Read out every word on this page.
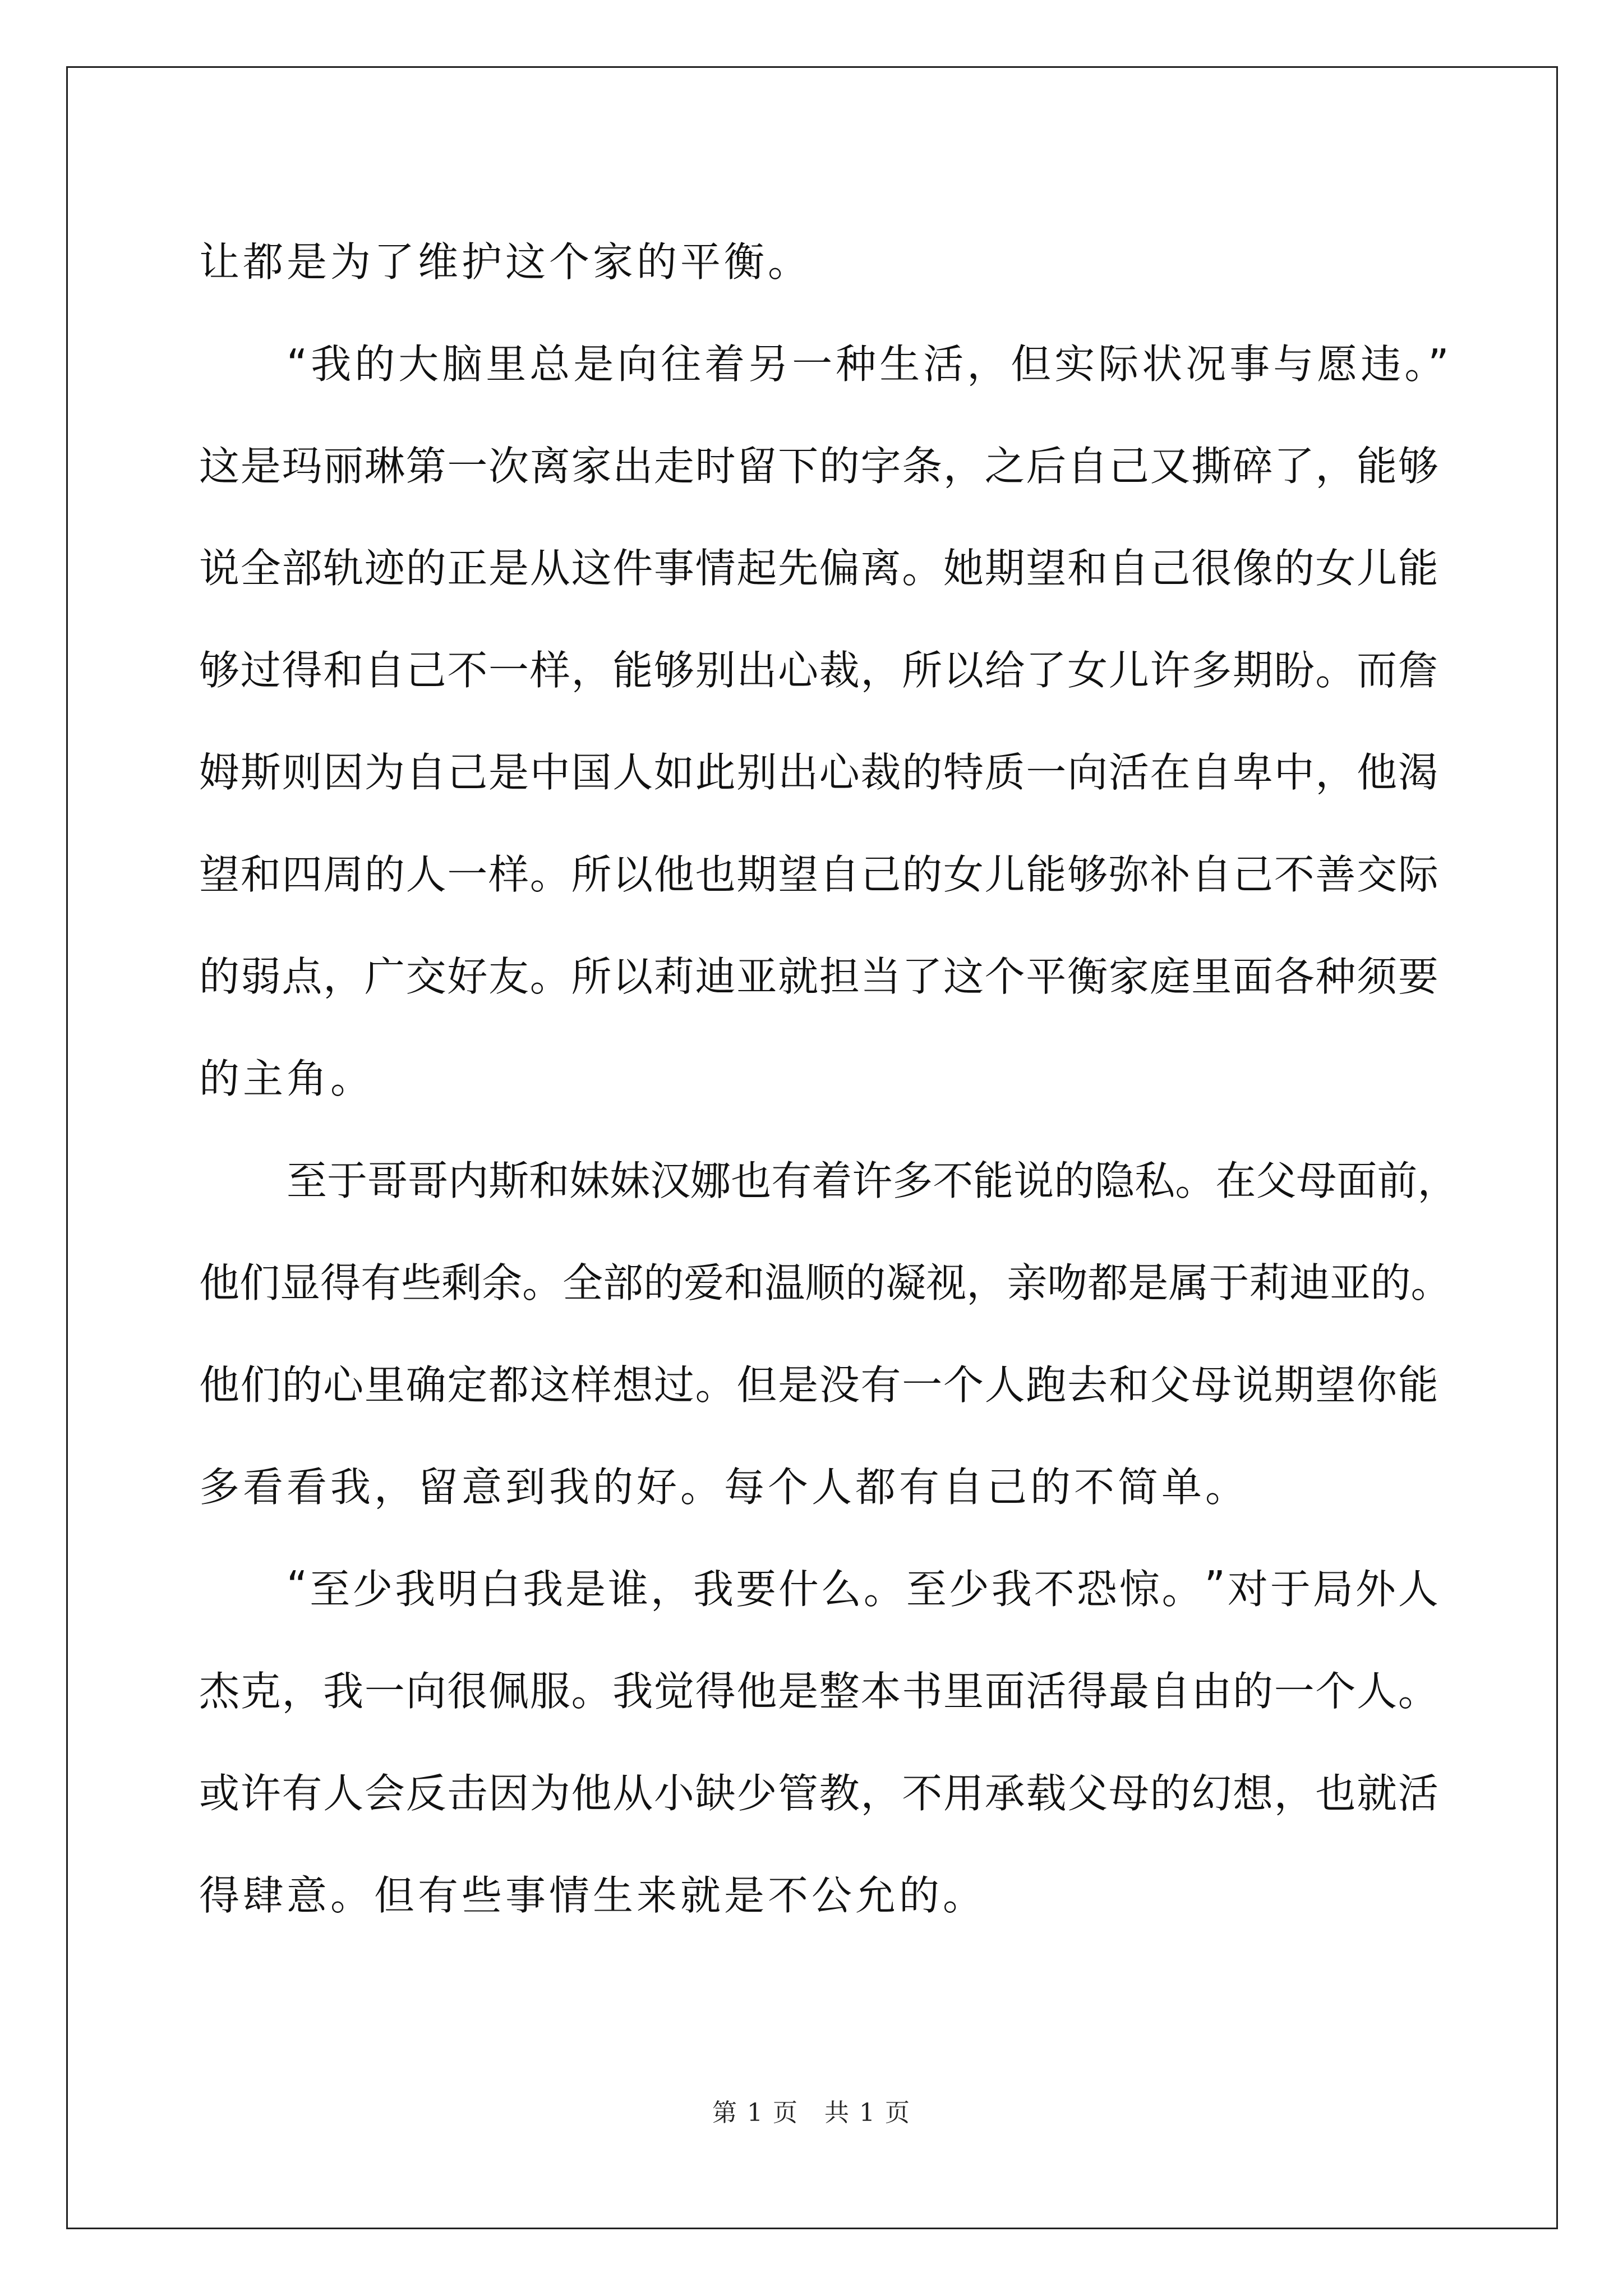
让都是为了维护这个家的平衡。
“我的大脑里总是向往着另一种生活，但实际状况事与愿违。”
这 是 玛 丽 琳 第 一 次 离 家 出 走 时 留 下 的 字 条 ， 之 后 自 己 又 撕 碎 了 ， 能 够
说 全 部 轨 迹 的 正 是 从 这 件 事 情 起 先 偏 离 。 她 期 望 和 自 己 很 像 的 女 儿 能
够 过 得 和 自 己 不 一 样 ， 能 够 别 出 心 裁 ， 所 以 给 了 女 儿 许 多 期 盼 。 而 詹
姆 斯 则 因 为 自 己 是 中 国 人 如 此 别 出 心 裁 的 特 质 一 向 活 在 自 卑 中 ， 他 渴
望 和 四 周 的 人 一 样 。 所 以 他 也 期 望 自 己 的 女 儿 能 够 弥 补 自 己 不 善 交 际
的 弱 点 ， 广 交 好 友 。 所 以 莉 迪 亚 就 担 当 了 这 个 平 衡 家 庭 里 面 各 种 须 要
的主角。
至 于 哥 哥 内 斯 和 妹 妹 汉 娜 也 有 着 许 多 不 能 说 的 隐 私 。 在 父 母 面 前 ，
他 们 显 得 有 些 剩 余 。 全 部 的 爱 和 温 顺 的 凝 视 ， 亲 吻 都 是 属 于 莉 迪 亚 的 。
他 们 的 心 里 确 定 都 这 样 想 过 。 但 是 没 有 一 个 人 跑 去 和 父 母 说 期 望 你 能
多看看我，留意到我的好。每个人都有自己的不简单。
“ 至 少 我 明 白 我 是 谁 ， 我 要 什 么 。 至 少 我 不 恐 惊 。 ” 对 于 局 外 人
杰 克 ， 我 一 向 很 佩 服 。 我 觉 得 他 是 整 本 书 里 面 活 得 最 自 由 的 一 个 人 。
或 许 有 人 会 反 击 因 为 他 从 小 缺 少 管 教 ， 不 用 承 载 父 母 的 幻 想 ， 也 就 活
得肆意。但有些事情生来就是不公允的。
第 1 页　共 1 页
